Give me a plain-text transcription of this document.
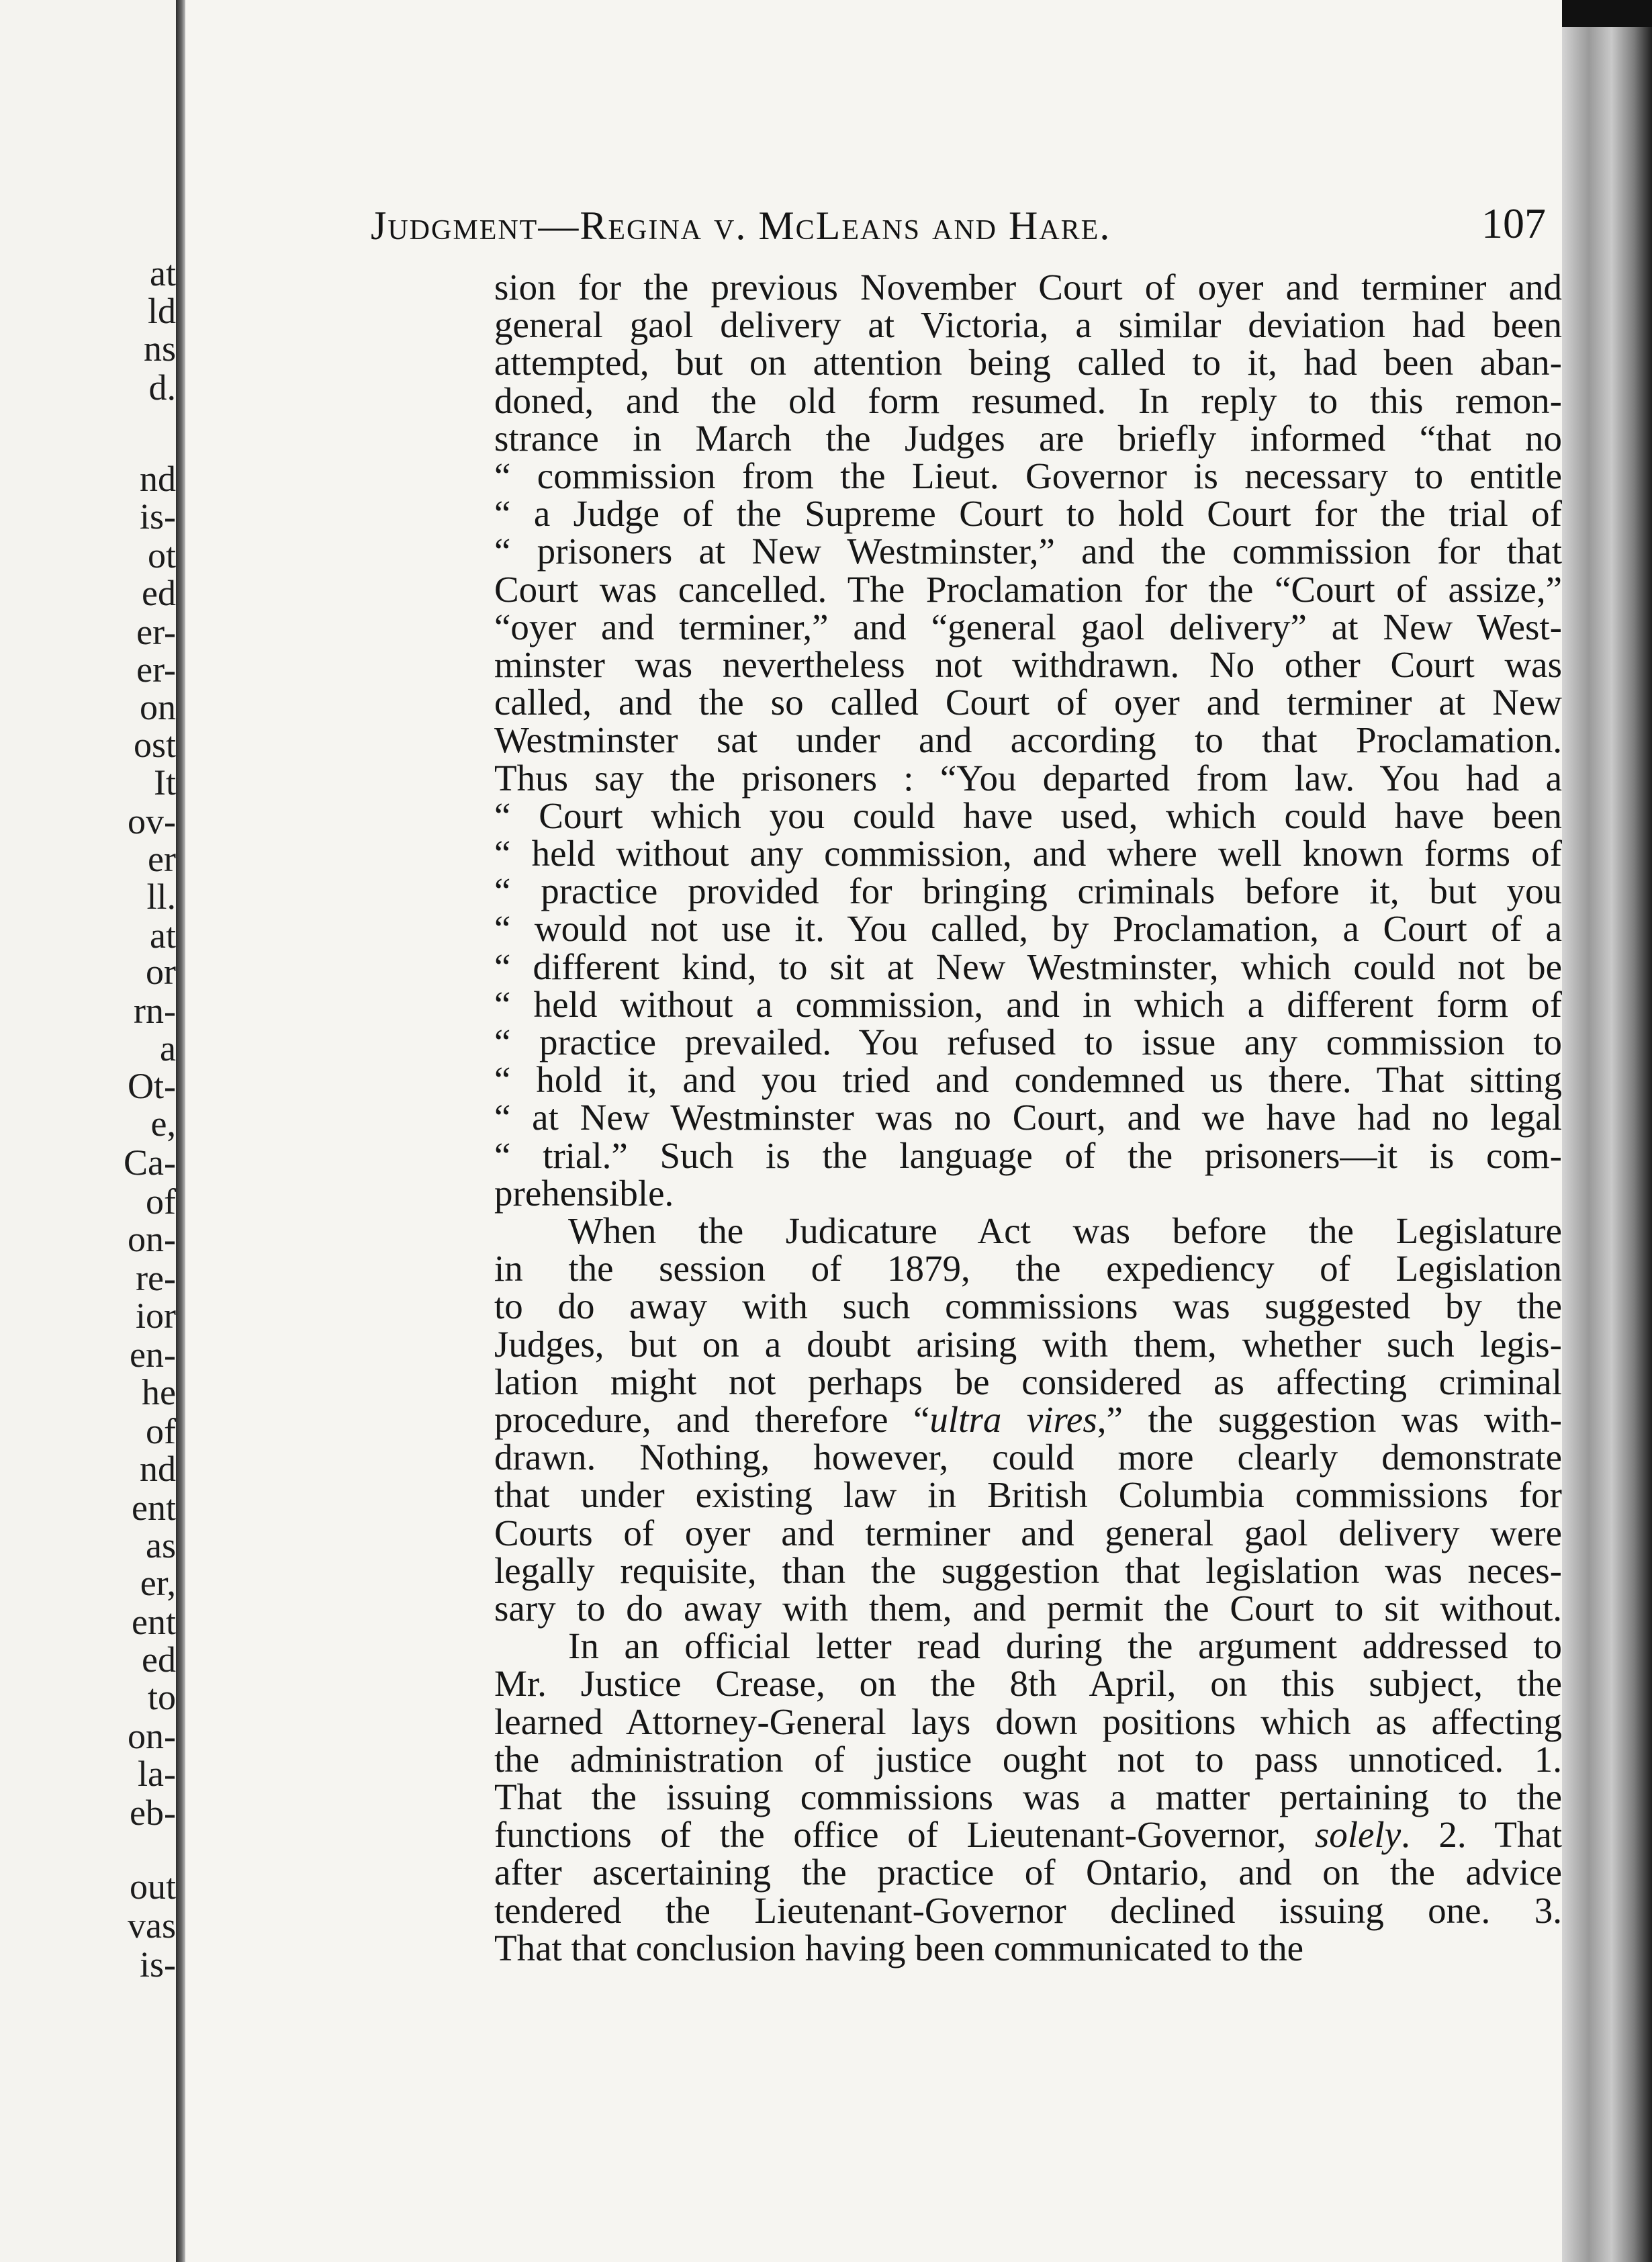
at
ld
ns
d.
nd
is-
ot
ed
er-
er-
on
ost
It
ov-
er
ll.
at
or
rn-
a
Ot-
e,
Ca-
of
on-
re-
ior
en-
he
of
nd
ent
as
er,
ent
ed
to
on-
la-
eb-
out
vas
is-
Judgment—Regina v. McLeans and Hare.	107
sion for the previous November Court of oyer and terminer and
general gaol delivery at Victoria, a similar deviation had been
attempted, but on attention being called to it, had been aban-
doned, and the old form resumed. In reply to this remon-
strance in March the Judges are briefly informed “that no
“ commission from the Lieut. Governor is necessary to entitle
“ a Judge of the Supreme Court to hold Court for the trial of
“ prisoners at New Westminster,” and the commission for that
Court was cancelled. The Proclamation for the “Court of assize,”
“oyer and terminer,” and “general gaol delivery” at New West-
minster was nevertheless not withdrawn. No other Court was
called, and the so called Court of oyer and terminer at New
Westminster sat under and according to that Proclamation.
Thus say the prisoners : “You departed from law. You had a
“ Court which you could have used, which could have been
“ held without any commission, and where well known forms of
“ practice provided for bringing criminals before it, but you
“ would not use it. You called, by Proclamation, a Court of a
“ different kind, to sit at New Westminster, which could not be
“ held without a commission, and in which a different form of
“ practice prevailed. You refused to issue any commission to
“ hold it, and you tried and condemned us there. That sitting
“ at New Westminster was no Court, and we have had no legal
“ trial.” Such is the language of the prisoners—it is com-
prehensible.
When the Judicature Act was before the Legislature
in the session of 1879, the expediency of Legislation
to do away with such commissions was suggested by the
Judges, but on a doubt arising with them, whether such legis-
lation might not perhaps be considered as affecting criminal
procedure, and therefore “ultra vires,” the suggestion was with-
drawn. Nothing, however, could more clearly demonstrate
that under existing law in British Columbia commissions for
Courts of oyer and terminer and general gaol delivery were
legally requisite, than the suggestion that legislation was neces-
sary to do away with them, and permit the Court to sit without.
In an official letter read during the argument addressed to
Mr. Justice Crease, on the 8th April, on this subject, the
learned Attorney-General lays down positions which as affecting
the administration of justice ought not to pass unnoticed. 1.
That the issuing commissions was a matter pertaining to the
functions of the office of Lieutenant-Governor, solely. 2. That
after ascertaining the practice of Ontario, and on the advice
tendered the Lieutenant-Governor declined issuing one. 3.
That that conclusion having been communicated to the
